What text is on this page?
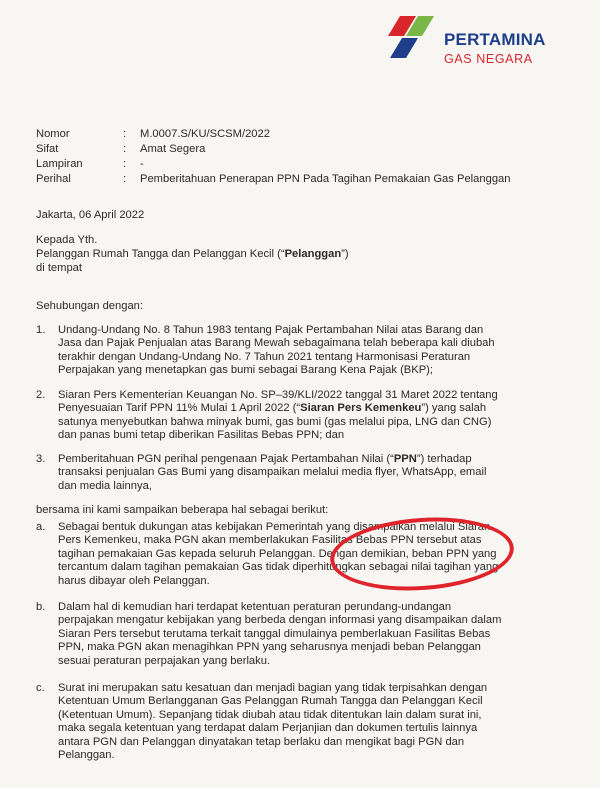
PERTAMINA
GAS NEGARA
Nomor	: M.0007.S/KU/SCSM/2022
Sifat	: Amat Segera
Lampiran	: -
Perihal	: Pemberitahuan Penerapan PPN Pada Tagihan Pemakaian Gas Pelanggan
Jakarta, 06 April 2022
Kepada Yth.
Pelanggan Rumah Tangga dan Pelanggan Kecil (“Pelanggan”)
di tempat
Sehubungan dengan:
1. Undang-Undang No. 8 Tahun 1983 tentang Pajak Pertambahan Nilai atas Barang dan
Jasa dan Pajak Penjualan atas Barang Mewah sebagaimana telah beberapa kali diubah
terakhir dengan Undang-Undang No. 7 Tahun 2021 tentang Harmonisasi Peraturan
Perpajakan yang menetapkan gas bumi sebagai Barang Kena Pajak (BKP);
2. Siaran Pers Kementerian Keuangan No. SP–39/KLI/2022 tanggal 31 Maret 2022 tentang
Penyesuaian Tarif PPN 11% Mulai 1 April 2022 (“Siaran Pers Kemenkeu”) yang salah
satunya menyebutkan bahwa minyak bumi, gas bumi (gas melalui pipa, LNG dan CNG)
dan panas bumi tetap diberikan Fasilitas Bebas PPN; dan
3. Pemberitahuan PGN perihal pengenaan Pajak Pertambahan Nilai (“PPN”) terhadap
transaksi penjualan Gas Bumi yang disampaikan melalui media flyer, WhatsApp, email
dan media lainnya,
bersama ini kami sampaikan beberapa hal sebagai berikut:
a. Sebagai bentuk dukungan atas kebijakan Pemerintah yang disampaikan melalui Siaran
Pers Kemenkeu, maka PGN akan memberlakukan Fasilitas Bebas PPN tersebut atas
tagihan pemakaian Gas kepada seluruh Pelanggan. Dengan demikian, beban PPN yang
tercantum dalam tagihan pemakaian Gas tidak diperhitungkan sebagai nilai tagihan yang
harus dibayar oleh Pelanggan.
b. Dalam hal di kemudian hari terdapat ketentuan peraturan perundang-undangan
perpajakan mengatur kebijakan yang berbeda dengan informasi yang disampaikan dalam
Siaran Pers tersebut terutama terkait tanggal dimulainya pemberlakuan Fasilitas Bebas
PPN, maka PGN akan menagihkan PPN yang seharusnya menjadi beban Pelanggan
sesuai peraturan perpajakan yang berlaku.
c. Surat ini merupakan satu kesatuan dan menjadi bagian yang tidak terpisahkan dengan
Ketentuan Umum Berlangganan Gas Pelanggan Rumah Tangga dan Pelanggan Kecil
(Ketentuan Umum). Sepanjang tidak diubah atau tidak ditentukan lain dalam surat ini,
maka segala ketentuan yang terdapat dalam Perjanjian dan dokumen tertulis lainnya
antara PGN dan Pelanggan dinyatakan tetap berlaku dan mengikat bagi PGN dan
Pelanggan.
